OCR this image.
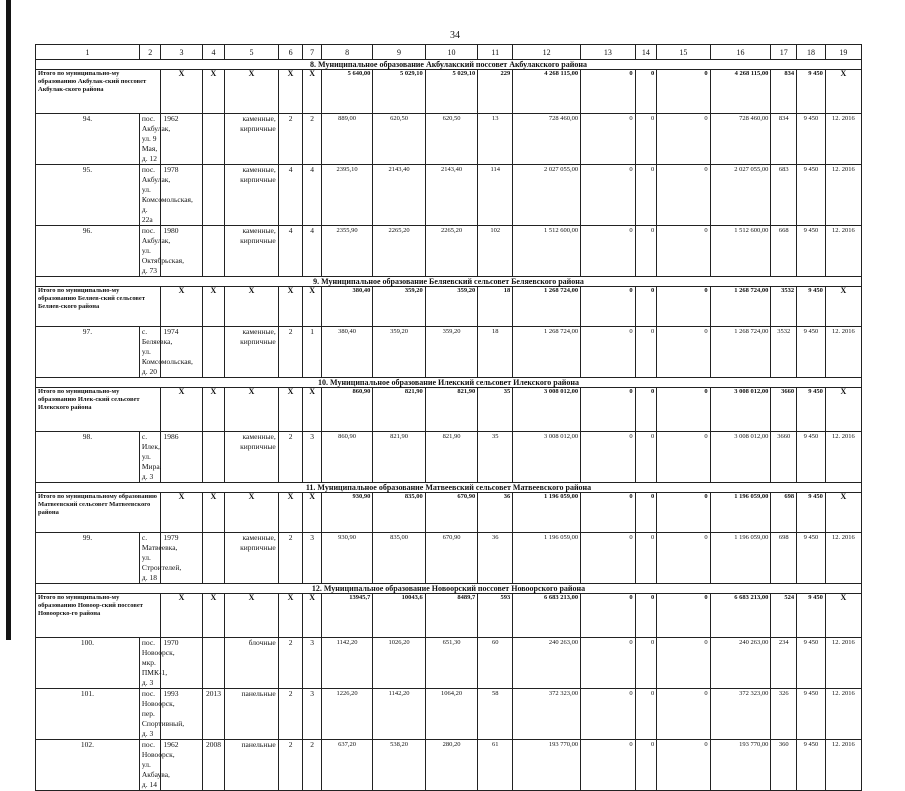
34
1	2	3	4	5	6	7	8	9	10	11	12	13	14	15	16	17	18	19
8. Муниципальное образование Акбулакский поссовет Акбулакского района																		
Итого по муниципально-му образованию Акбулак-ский поссовет Акбулак-ского района		X	X	X	X	X	5 640,00	5 029,10	5 029,10	229	4 268 115,00	0	0	0	4 268 115,00	834	9 450	X
94.	пос. Акбулак, ул. 9 Мая, д. 12	1962		каменные, кирпичные	2	2	889,00	620,50	620,50	13	728 460,00	0	0	0	728 460,00	834	9 450	12. 2016
95.	пос. Акбулак, ул. Комсомольская, д. 22а	1978		каменные, кирпичные	4	4	2395,10	2143,40	2143,40	114	2 027 055,00	0	0	0	2 027 055,00	683	9 450	12. 2016
96.	пос. Акбулак, ул. Октябрьская, д. 73	1980		каменные, кирпичные	4	4	2355,90	2265,20	2265,20	102	1 512 600,00	0	0	0	1 512 600,00	668	9 450	12. 2016
9. Муниципальное образование Беляевский сельсовет Беляевского района																		
Итого по муниципально-му образованию Беляев-ский сельсовет Беляев-ского района		X	X	X	X	X	380,40	359,20	359,20	18	1 268 724,00	0	0	0	1 268 724,00	3532	9 450	X
97.	с. Беляевка, ул. Комсомольская, д. 20	1974		каменные, кирпичные	2	1	380,40	359,20	359,20	18	1 268 724,00	0	0	0	1 268 724,00	3532	9 450	12. 2016
10. Муниципальное образование Илекский сельсовет Илекского района																		
Итого по муниципально-му образованию Илек-ский сельсовет Илекского района		X	X	X	X	X	860,90	821,90	821,90	35	3 008 012,00	0	0	0	3 008 012,00	3660	9 450	X
98.	с. Илек, ул. Мира, д. 3	1986		каменные, кирпичные	2	3	860,90	821,90	821,90	35	3 008 012,00	0	0	0	3 008 012,00	3660	9 450	12. 2016
11. Муниципальное образование Матвеевский сельсовет Матвеевского района																		
Итого по муниципальному образованию Матвеевский сельсовет Матвеевского района		X	X	X	X	X	930,90	835,00	670,90	36	1 196 059,00	0	0	0	1 196 059,00	698	9 450	X
99.	с. Матвеевка, ул. Строителей, д. 18	1979		каменные, кирпичные	2	3	930,90	835,00	670,90	36	1 196 059,00	0	0	0	1 196 059,00	698	9 450	12. 2016
12. Муниципальное образование Новоорский поссовет Новоорского района																		
Итого по муниципально-му образованию Новоор-ский поссовет Новоорско-го района		X	X	X	X	X	13945,7	10043,6	8489,7	593	6 683 213,00	0	0	0	6 683 213,00	524	9 450	X
100.	пос. Новоорск, мкр. ПМК-1, д. 3	1970		блочные	2	3	1142,20	1026,20	651,30	60	240 263,00	0	0	0	240 263,00	234	9 450	12. 2016
101.	пос. Новоорск, пер. Спортивный, д. 3	1993	2013	панельные	2	3	1226,20	1142,20	1064,20	58	372 323,00	0	0	0	372 323,00	326	9 450	12. 2016
102.	пос. Новоорск, ул. Акбаува, д. 14	1962	2008	панельные	2	2	637,20	538,20	280,20	61	193 770,00	0	0	0	193 770,00	360	9 450	12. 2016
